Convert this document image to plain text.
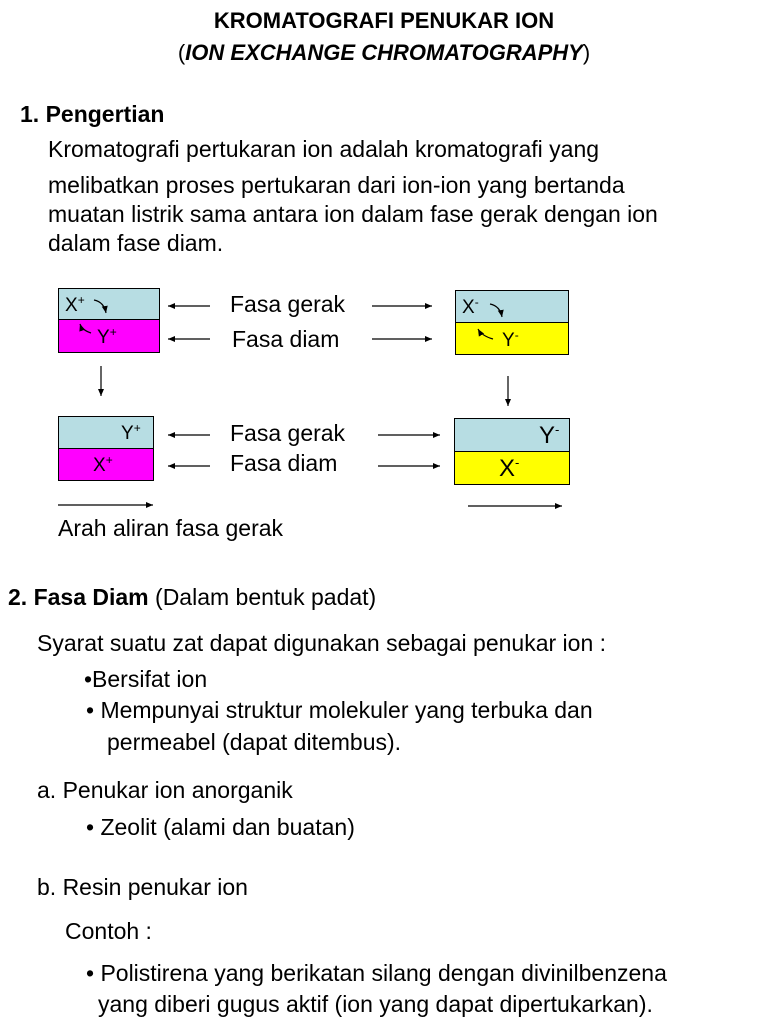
KROMATOGRAFI PENUKAR ION
(ION EXCHANGE CHROMATOGRAPHY)
1. Pengertian
Kromatografi pertukaran ion adalah kromatografi yang
melibatkan proses pertukaran dari ion-ion yang bertanda
muatan listrik sama antara ion dalam fase gerak dengan ion
dalam fase diam.
X+
Y+
X-
Y-
Y+
X+
Y-
X-
Fasa gerak
Fasa diam
Fasa gerak
Fasa diam
Arah aliran fasa gerak
2. Fasa Diam (Dalam bentuk padat)
Syarat suatu zat dapat digunakan sebagai penukar ion :
•Bersifat ion
• Mempunyai struktur molekuler yang terbuka dan
permeabel (dapat ditembus).
a. Penukar ion anorganik
• Zeolit (alami dan buatan)
b. Resin penukar ion
Contoh :
• Polistirena yang berikatan silang dengan divinilbenzena
yang diberi gugus aktif (ion yang dapat dipertukarkan).
